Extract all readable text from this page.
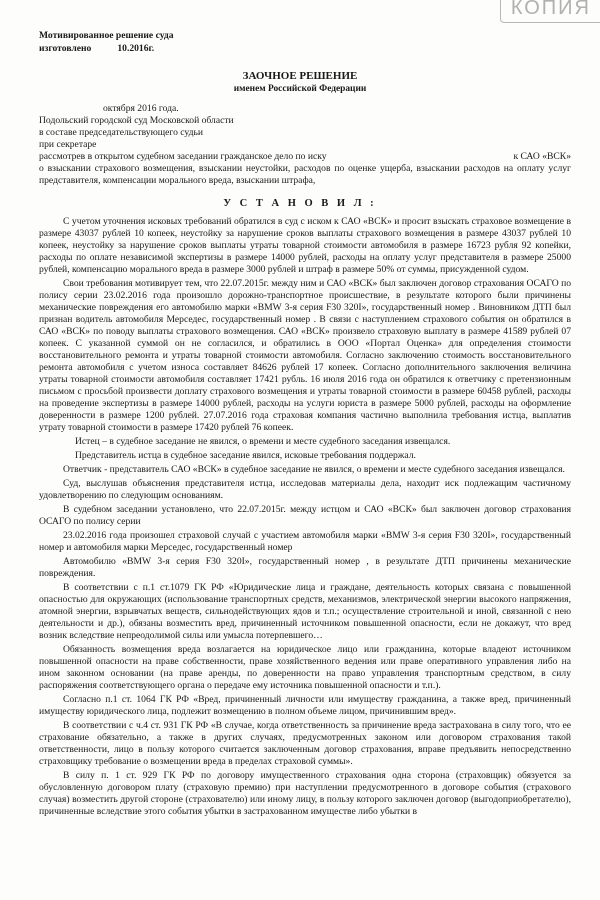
КОПИЯ
Мотивированное решение суда
изготовлено	10.2016г.
ЗАОЧНОЕ РЕШЕНИЕ
именем Российской Федерации
октября 2016 года.
Подольский городской суд Московской области
в составе председательствующего судьи
при секретаре
рассмотрев в открытом судебном заседании гражданское дело по иску	к САО «ВСК»
о взыскании страхового возмещения, взыскании неустойки, расходов по оценке ущерба, взыскании расходов на оплату услуг представителя, компенсации морального вреда, взыскании штрафа,
У С Т А Н О В И Л :

С учетом уточнения исковых требований обратился в суд с иском к САО «ВСК» и просит взыскать страховое возмещение в размере 43037 рублей 10 копеек, неустойку за нарушение сроков выплаты страхового возмещения в размере 43037 рублей 10 копеек, неустойку за нарушение сроков выплаты утраты товарной стоимости автомобиля в размере 16723 рубля 92 копейки, расходы по оплате независимой экспертизы в размере 14000 рублей, расходы на оплату услуг представителя в размере 25000 рублей, компенсацию морального вреда в размере 3000 рублей и штраф в размере 50% от суммы, присужденной судом.

Свои требования мотивирует тем, что 22.07.2015г. между ним и САО «ВСК» был заключен договор страхования ОСАГО по полису серии 23.02.2016 года произошло дорожно-транспортное происшествие, в результате которого были причинены механические повреждения его автомобилю марки «BMW 3-я серия F30 320I», государственный номер . Виновником ДТП был признан водитель автомобиля Мерседес, государственный номер . В связи с наступлением страхового события он обратился в САО «ВСК» по поводу выплаты страхового возмещения. САО «ВСК» произвело страховую выплату в размере 41589 рублей 07 копеек. С указанной суммой он не согласился, и обратились в ООО «Портал Оценка» для определения стоимости восстановительного ремонта и утраты товарной стоимости автомобиля. Согласно заключению стоимость восстановительного ремонта автомобиля с учетом износа составляет 84626 рублей 17 копеек. Согласно дополнительного заключения величина утраты товарной стоимости автомобиля составляет 17421 рубль. 16 июля 2016 года он обратился к ответчику с претензионным письмом с просьбой произвести доплату страхового возмещения и утраты товарной стоимости в размере 60458 рублей, расходы на проведение экспертизы в размере 14000 рублей, расходы на услуги юриста в размере 5000 рублей, расходы на оформление доверенности в размере 1200 рублей. 27.07.2016 года страховая компания частично выполнила требования истца, выплатив утрату товарной стоимости в размере 17420 рублей 76 копеек.

Истец – в судебное заседание не явился, о времени и месте судебного заседания извещался.

Представитель истца в судебное заседание явился, исковые требования поддержал.

Ответчик - представитель САО «ВСК» в судебное заседание не явился, о времени и месте судебного заседания извещался.

Суд, выслушав объяснения представителя истца, исследовав материалы дела, находит иск подлежащим частичному удовлетворению по следующим основаниям.

В судебном заседании установлено, что 22.07.2015г. между истцом и САО «ВСК» был заключен договор страхования ОСАГО по полису серии

23.02.2016 года произошел страховой случай с участием автомобиля марки «BMW 3-я серия F30 320I», государственный номер и автомобиля марки Мерседес, государственный номер

Автомобилю «BMW 3-я серия F30 320I», государственный номер , в результате ДТП причинены механические повреждения.

В соответствии с п.1 ст.1079 ГК РФ «Юридические лица и граждане, деятельность которых связана с повышенной опасностью для окружающих (использование транспортных средств, механизмов, электрической энергии высокого напряжения, атомной энергии, взрывчатых веществ, сильнодействующих ядов и т.п.; осуществление строительной и иной, связанной с нею деятельности и др.), обязаны возместить вред, причиненный источником повышенной опасности, если не докажут, что вред возник вследствие непреодолимой силы или умысла потерпевшего…

Обязанность возмещения вреда возлагается на юридическое лицо или гражданина, которые владеют источником повышенной опасности на праве собственности, праве хозяйственного ведения или праве оперативного управления либо на ином законном основании (на праве аренды, по доверенности на право управления транспортным средством, в силу распоряжения соответствующего органа о передаче ему источника повышенной опасности и т.п.).

Согласно п.1 ст. 1064 ГК РФ «Вред, причиненный личности или имуществу гражданина, а также вред, причиненный имуществу юридического лица, подлежит возмещению в полном объеме лицом, причинившим вред».

В соответствии с ч.4 ст. 931 ГК РФ «В случае, когда ответственность за причинение вреда застрахована в силу того, что ее страхование обязательно, а также в других случаях, предусмотренных законом или договором страхования такой ответственности, лицо в пользу которого считается заключенным договор страхования, вправе предъявить непосредственно страховщику требование о возмещении вреда в пределах страховой суммы».

В силу п. 1 ст. 929 ГК РФ по договору имущественного страхования одна сторона (страховщик) обязуется за обусловленную договором плату (страховую премию) при наступлении предусмотренного в договоре события (страхового случая) возместить другой стороне (страхователю) или иному лицу, в пользу которого заключен договор (выгодоприобретателю), причиненные вследствие этого события убытки в застрахованном имуществе либо убытки в
